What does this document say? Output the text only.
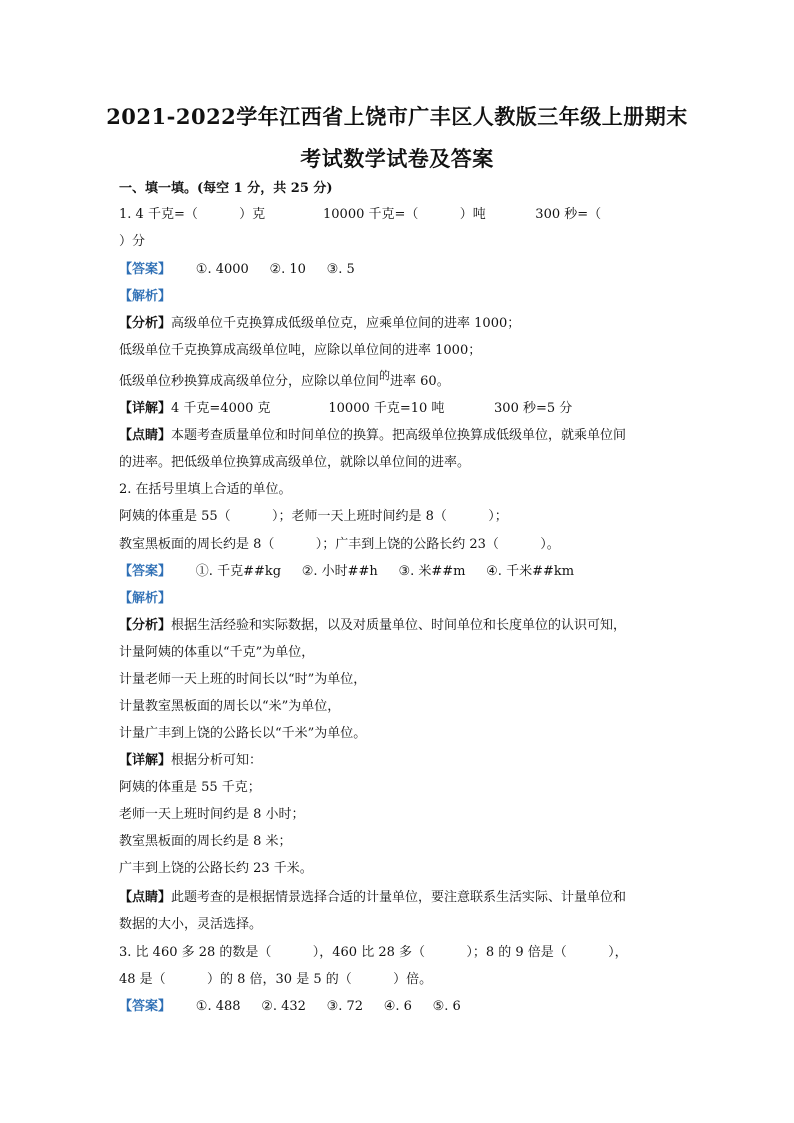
2021-2022学年江西省上饶市广丰区人教版三年级上册期末
考试数学试卷及答案
一、填一填。(每空 1 分，共 25 分)
1. 4 千克=（          ）克              10000 千克=（          ）吨            300 秒=（
）分
【答案】      ①. 4000     ②. 10     ③. 5
【解析】
【分析】高级单位千克换算成低级单位克，应乘单位间的进率 1000；
低级单位千克换算成高级单位吨，应除以单位间的进率 1000；
低级单位秒换算成高级单位分，应除以单位间$^的$进率 60。
【详解】4 千克=4000 克              10000 千克=10 吨            300 秒=5 分
【点睛】本题考查质量单位和时间单位的换算。把高级单位换算成低级单位，就乘单位间
的进率。把低级单位换算成高级单位，就除以单位间的进率。
2. 在括号里填上合适的单位。
阿姨的体重是 55（          ）；老师一天上班时间约是 8（          ）；
教室黑板面的周长约是 8（          ）；广丰到上饶的公路长约 23（          ）。
【答案】      ①. 千克##kg     ②. 小时##h     ③. 米##m     ④. 千米##km
【解析】
【分析】根据生活经验和实际数据，以及对质量单位、时间单位和长度单位的认识可知，
计量阿姨的体重以“千克”为单位，
计量老师一天上班的时间长以“时”为单位，
计量教室黑板面的周长以“米”为单位，
计量广丰到上饶的公路长以“千米”为单位。
【详解】根据分析可知：
阿姨的体重是 55 千克；
老师一天上班时间约是 8 小时；
教室黑板面的周长约是 8 米；
广丰到上饶的公路长约 23 千米。
【点睛】此题考查的是根据情景选择合适的计量单位，要注意联系生活实际、计量单位和
数据的大小，灵活选择。
3. 比 460 多 28 的数是（          ），460 比 28 多（          ）；8 的 9 倍是（          ），
48 是（          ）的 8 倍，30 是 5 的（          ）倍。
【答案】      ①. 488     ②. 432     ③. 72     ④. 6     ⑤. 6
